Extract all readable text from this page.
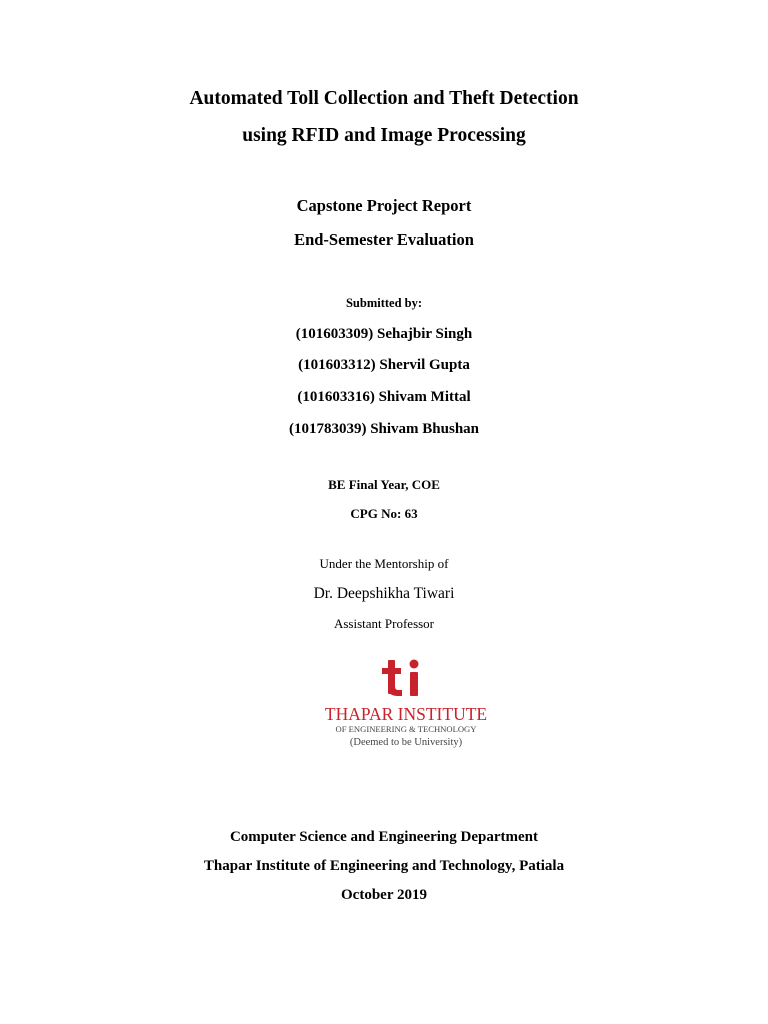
Automated Toll Collection and Theft Detection

using RFID and Image Processing

Capstone Project Report

End-Semester Evaluation

Submitted by:

(101603309) Sehajbir Singh

(101603312) Shervil Gupta

(101603316) Shivam Mittal

(101783039) Shivam Bhushan

BE Final Year, COE

CPG No: 63

Under the Mentorship of

Dr. Deepshikha Tiwari

Assistant Professor

THAPAR INSTITUTE
OF ENGINEERING & TECHNOLOGY
(Deemed to be University)

Computer Science and Engineering Department

Thapar Institute of Engineering and Technology, Patiala

October 2019
